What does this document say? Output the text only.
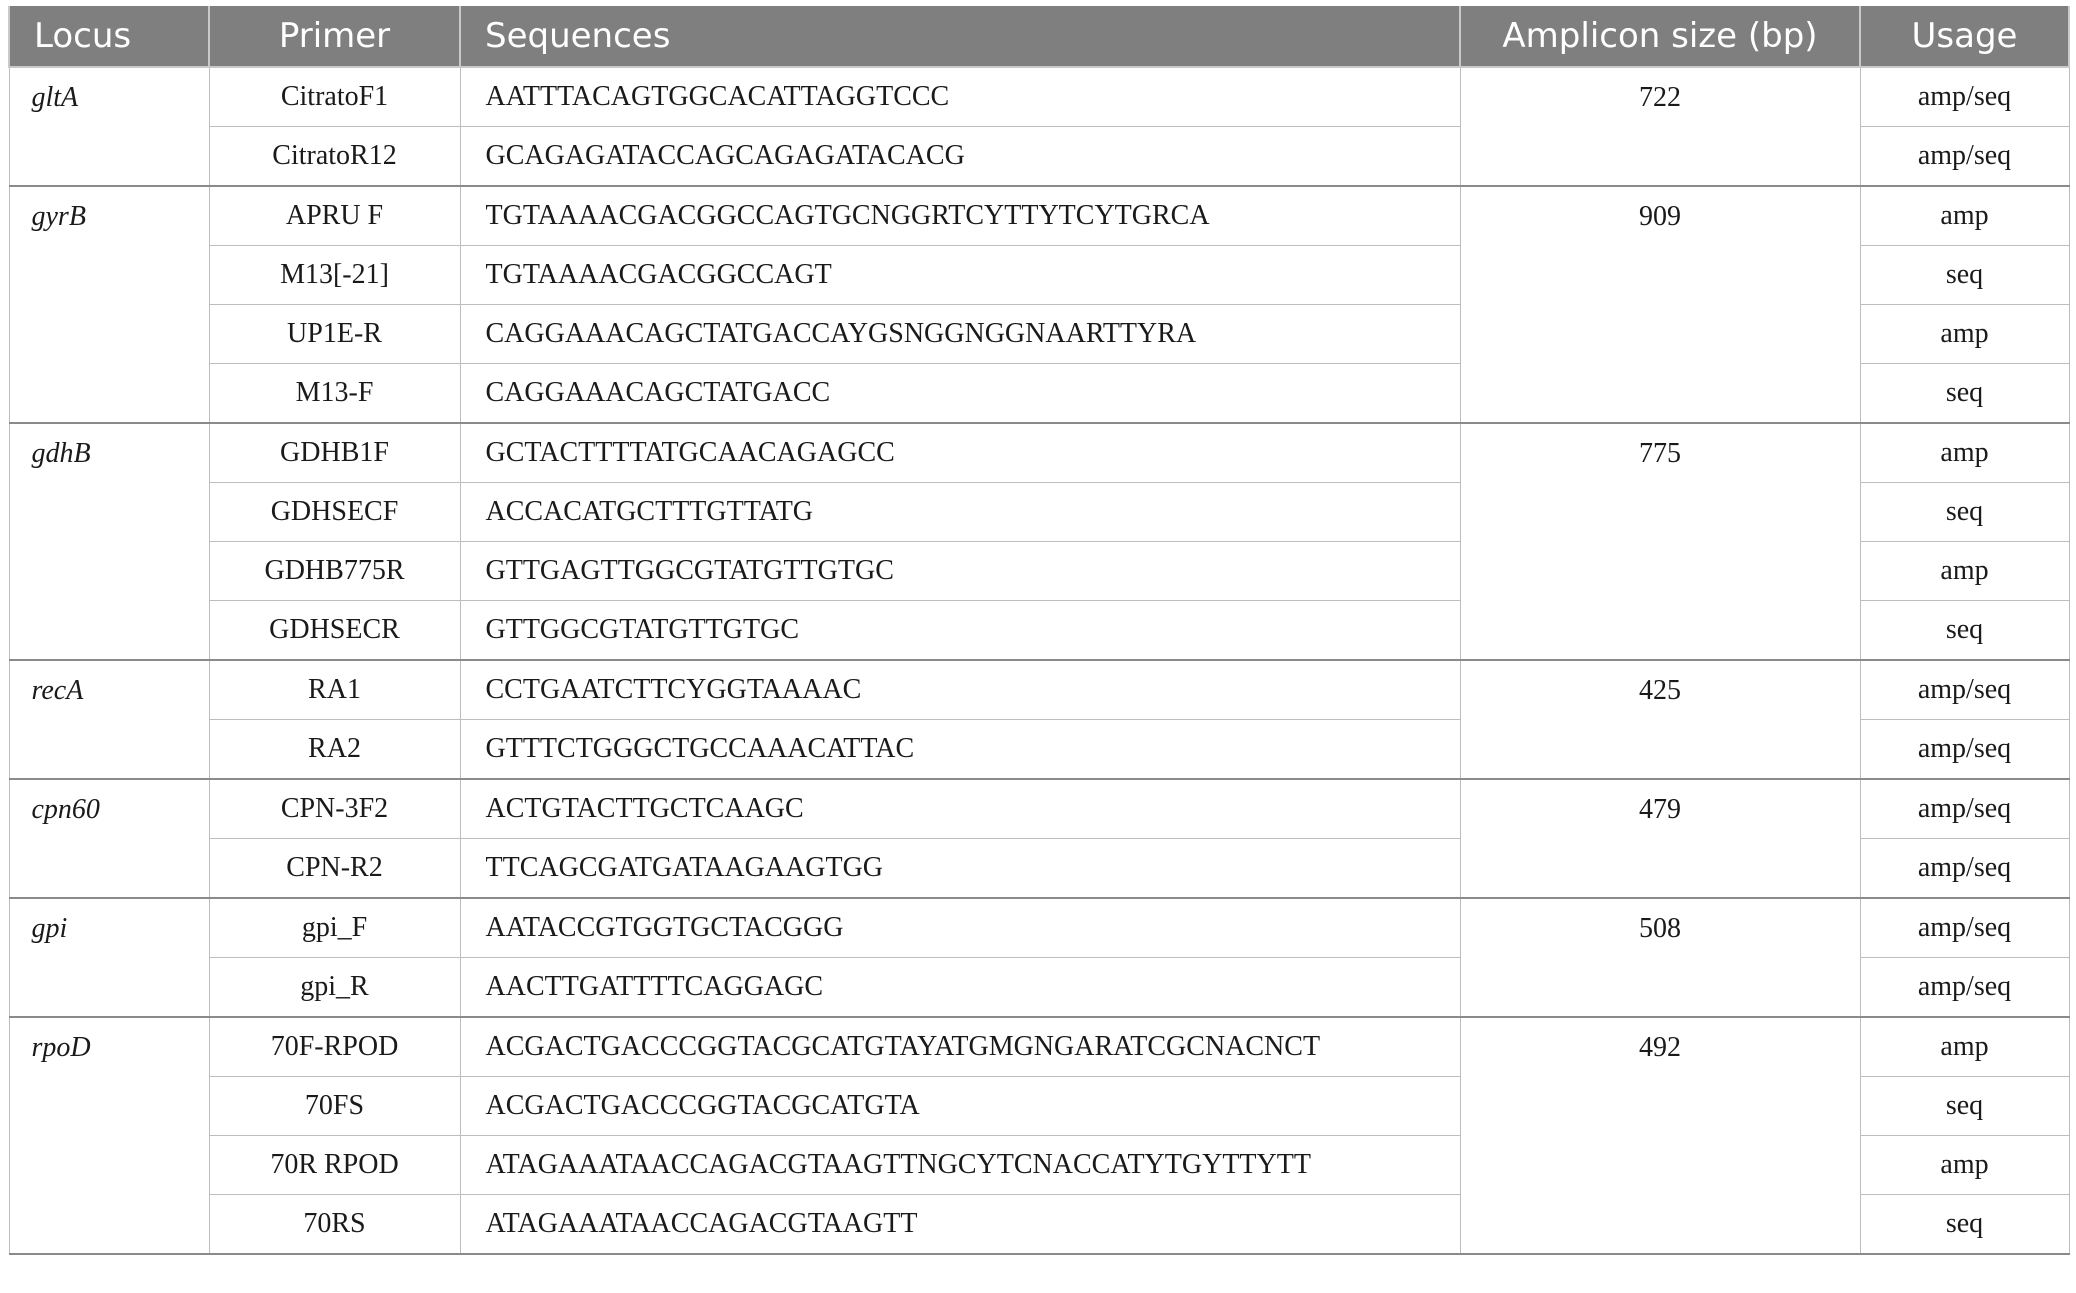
Locus	Primer	Sequences	Amplicon size (bp)	Usage
gltA	CitratoF1	AATTTACAGTGGCACATTAGGTCCC	722	amp/seq
	CitratoR12	GCAGAGATACCAGCAGAGATACACG		amp/seq
gyrB	APRU F	TGTAAAACGACGGCCAGTGCNGGRTCYTTYTCYTGRCA	909	amp
	M13[-21]	TGTAAAACGACGGCCAGT		seq
	UP1E-R	CAGGAAACAGCTATGACCAYGSNGGNGGNAARTTYRA		amp
	M13-F	CAGGAAACAGCTATGACC		seq
gdhB	GDHB1F	GCTACTTTTATGCAACAGAGCC	775	amp
	GDHSECF	ACCACATGCTTTGTTATG		seq
	GDHB775R	GTTGAGTTGGCGTATGTTGTGC		amp
	GDHSECR	GTTGGCGTATGTTGTGC		seq
recA	RA1	CCTGAATCTTCYGGTAAAAC	425	amp/seq
	RA2	GTTTCTGGGCTGCCAAACATTAC		amp/seq
cpn60	CPN-3F2	ACTGTACTTGCTCAAGC	479	amp/seq
	CPN-R2	TTCAGCGATGATAAGAAGTGG		amp/seq
gpi	gpi_F	AATACCGTGGTGCTACGGG	508	amp/seq
	gpi_R	AACTTGATTTTCAGGAGC		amp/seq
rpoD	70F-RPOD	ACGACTGACCCGGTACGCATGTAYATGMGNGARATCGCNACNCT	492	amp
	70FS	ACGACTGACCCGGTACGCATGTA		seq
	70R RPOD	ATAGAAATAACCAGACGTAAGTTNGCYTCNACCATYTGYTTYTT		amp
	70RS	ATAGAAATAACCAGACGTAAGTT		seq
